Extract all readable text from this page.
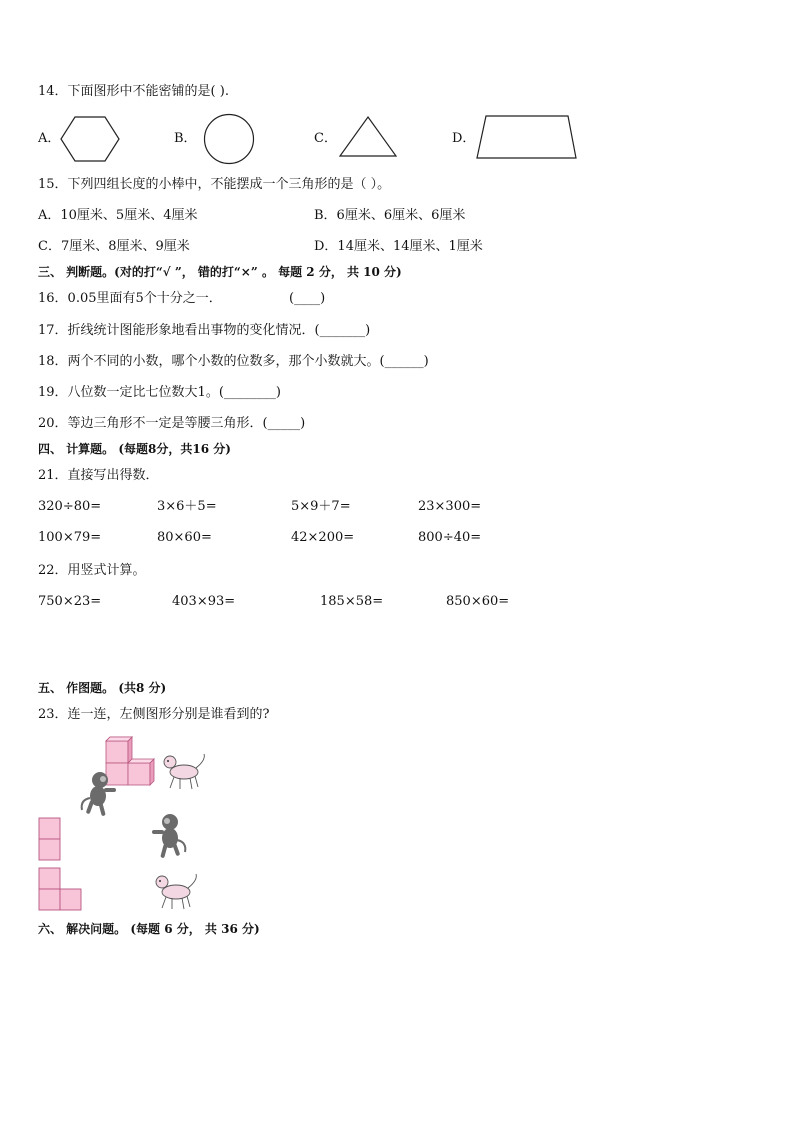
14．下面图形中不能密铺的是( ).
A．	B．	C．	D．
15．下列四组长度的小棒中，不能摆成一个三角形的是（ ）。
A．10厘米、5厘米、4厘米	B．6厘米、6厘米、6厘米
C．7厘米、8厘米、9厘米	D．14厘米、14厘米、1厘米
三、 判断题。(对的打“√ ”， 错的打“×” 。 每题 2 分， 共 10 分)
16．0.05里面有5个十分之一．	(____)
17．折线统计图能形象地看出事物的变化情况．(_______)
18．两个不同的小数，哪个小数的位数多，那个小数就大。(______)
19．八位数一定比七位数大1。(________)
20．等边三角形不一定是等腰三角形．(_____)
四、 计算题。 (每题8分，共16 分)
21．直接写出得数．
320÷80=	3×6＋5=	5×9＋7=	23×300=
100×79=	80×60=	42×200=	800÷40=
22．用竖式计算。
750×23=	403×93=	185×58=	850×60=
五、 作图题。 (共8 分)
23．连一连，左侧图形分别是谁看到的?
六、 解决问题。 (每题 6 分， 共 36 分)
